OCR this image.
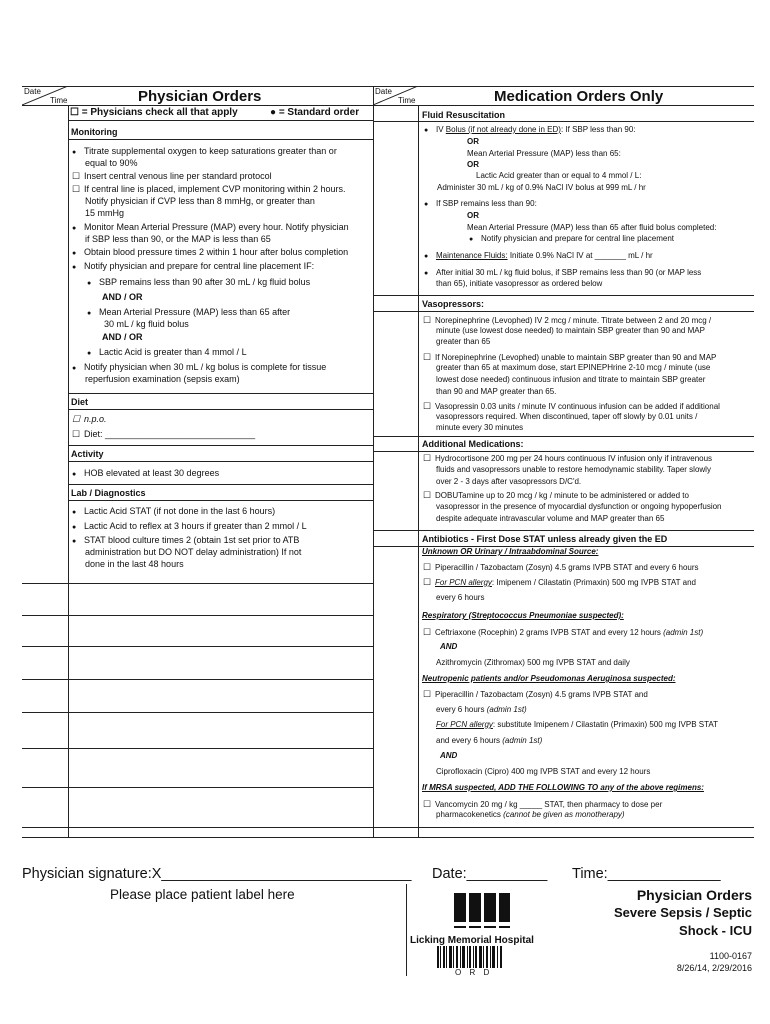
Date
Time	Physician Orders
☐ = Physicians check all that apply	● = Standard order
Date
Time	Medication Orders Only
Monitoring
● Titrate supplemental oxygen to keep saturations greater than or
equal to 90%
☐ Insert central venous line per standard protocol
☐ If central line is placed, implement CVP monitoring within 2 hours.
Notify physician if CVP less than 8 mmHg, or greater than
15 mmHg
● Monitor Mean Arterial Pressure (MAP) every hour. Notify physician
if SBP less than 90, or the MAP is less than 65
● Obtain blood pressure times 2 within 1 hour after bolus completion
● Notify physician and prepare for central line placement IF:
● SBP remains less than 90 after 30 mL / kg fluid bolus
AND / OR
● Mean Arterial Pressure (MAP) less than 65 after
30 mL / kg fluid bolus
AND / OR
● Lactic Acid is greater than 4 mmol / L
● Notify physician when 30 mL / kg bolus is complete for tissue
reperfusion examination (sepsis exam)
Diet
☐ n.p.o.
☐ Diet: ______________________________
Activity
● HOB elevated at least 30 degrees
Lab / Diagnostics
● Lactic Acid STAT (if not done in the last 6 hours)
● Lactic Acid to reflex at 3 hours if greater than 2 mmol / L
● STAT blood culture times 2 (obtain 1st set prior to ATB
administration but DO NOT delay administration) If not
done in the last 48 hours
Fluid Resuscitation
● IV Bolus (if not already done in ED): If SBP less than 90:
OR
Mean Arterial Pressure (MAP) less than 65:
OR
Lactic Acid greater than or equal to 4 mmol / L:
Administer 30 mL / kg of 0.9% NaCl IV bolus at 999 mL / hr
● If SBP remains less than 90:
OR
Mean Arterial Pressure (MAP) less than 65 after fluid bolus completed:
● Notify physician and prepare for central line placement
● Maintenance Fluids: Initiate 0.9% NaCl IV at _______ mL / hr
● After initial 30 mL / kg fluid bolus, if SBP remains less than 90 (or MAP less
than 65), initiate vasopressor as ordered below
Vasopressors:
☐ Norepinephrine (Levophed) IV 2 mcg / minute. Titrate between 2 and 20 mcg /
minute (use lowest dose needed) to maintain SBP greater than 90 and MAP
greater than 65
☐ If Norepinephrine (Levophed) unable to maintain SBP greater than 90 and MAP
greater than 65 at maximum dose, start EPINEPHrine 2-10 mcg / minute (use
lowest dose needed) continuous infusion and titrate to maintain SBP greater
than 90 and MAP greater than 65.
☐ Vasopressin 0.03 units / minute IV continuous infusion can be added if additional
vasopressors required. When discontinued, taper off slowly by 0.01 units /
minute every 30 minutes
Additional Medications:
☐ Hydrocortisone 200 mg per 24 hours continuous IV infusion only if intravenous
fluids and vasopressors unable to restore hemodynamic stability. Taper slowly
over 2 - 3 days after vasopressors D/C'd.
☐ DOBUTamine up to 20 mcg / kg / minute to be administered or added to
vasopressor in the presence of myocardial dysfunction or ongoing hypoperfusion
despite adequate intravascular volume and MAP greater than 65
Antibiotics - First Dose STAT unless already given the ED
Unknown OR Urinary / Intraabdominal Source:
☐ Piperacillin / Tazobactam (Zosyn) 4.5 grams IVPB STAT and every 6 hours
☐ For PCN allergy: Imipenem / Cilastatin (Primaxin) 500 mg IVPB STAT and
every 6 hours
Respiratory (Streptococcus Pneumoniae suspected):
☐ Ceftriaxone (Rocephin) 2 grams IVPB STAT and every 12 hours (admin 1st)
AND
Azithromycin (Zithromax) 500 mg IVPB STAT and daily
Neutropenic patients and/or Pseudomonas Aeruginosa suspected:
☐ Piperacillin / Tazobactam (Zosyn) 4.5 grams IVPB STAT and
every 6 hours (admin 1st)
For PCN allergy: substitute Imipenem / Cilastatin (Primaxin) 500 mg IVPB STAT
and every 6 hours (admin 1st)
AND
Ciprofloxacin (Cipro) 400 mg IVPB STAT and every 12 hours
If MRSA suspected, ADD THE FOLLOWING TO any of the above regimens:
☐ Vancomycin 20 mg / kg _____ STAT, then pharmacy to dose per
pharmacokenetics (cannot be given as monotherapy)
Physician signature:X_______________________________ Date:__________ Time:______________
Please place patient label here
Licking Memorial Hospital
O R D
Physician Orders
Severe Sepsis / Septic
Shock - ICU
1100-0167
8/26/14, 2/29/2016
